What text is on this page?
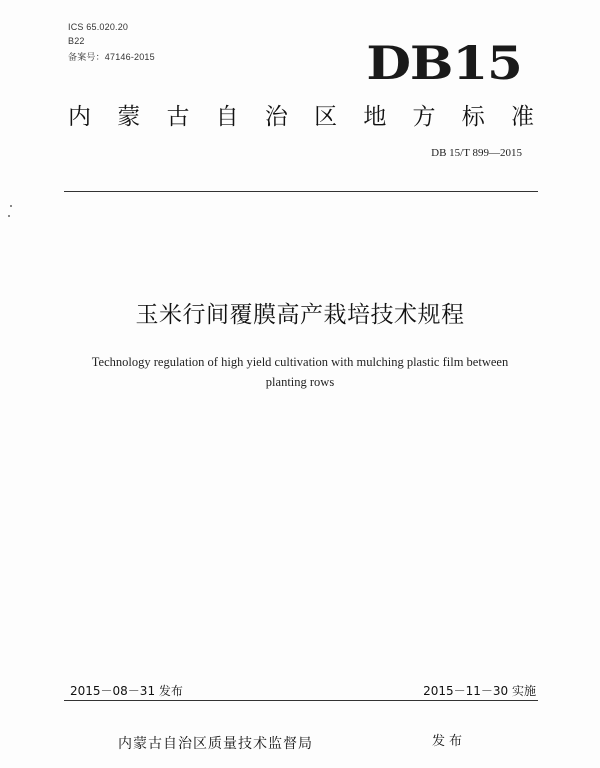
ICS 65.020.20
B22
备案号：47146-2015	DB15
内 蒙 古 自 治 区 地 方 标 准
DB 15/T 899—2015
玉米行间覆膜高产栽培技术规程
Technology regulation of high yield cultivation with mulching plastic film between
planting rows
2015－08－31 发布	2015－11－30 实施
内蒙古自治区质量技术监督局	发布
